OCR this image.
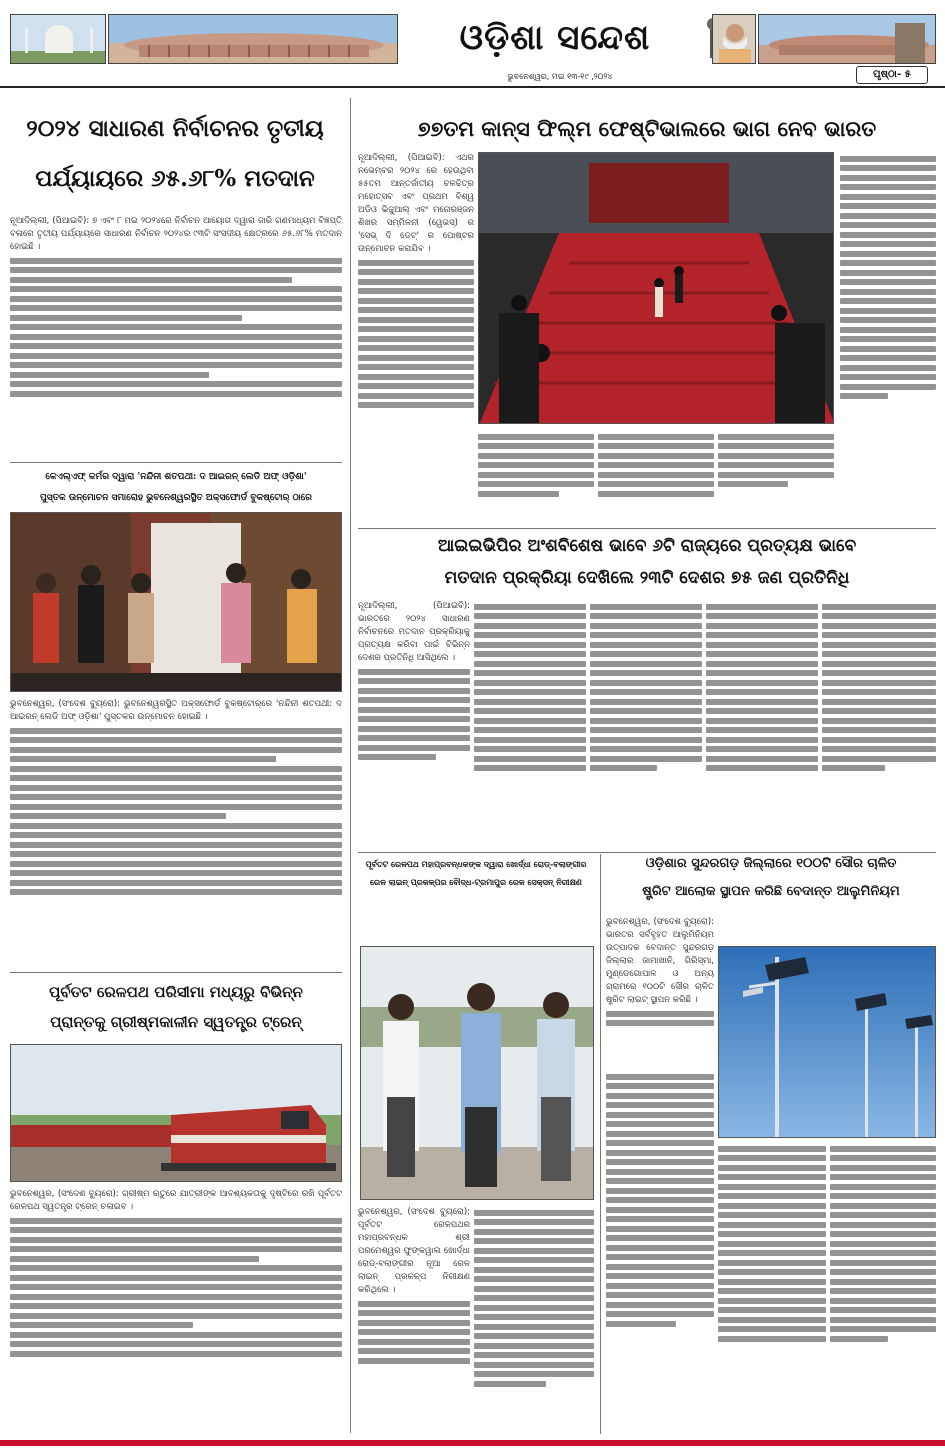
ଓଡ଼ିଶା ସନ୍ଦେଶ
ଭୁବନେଶ୍ୱର, ମଇ ୧୩-୧୯ ,୨୦୨୪	ପୃଷ୍ଠା- ୫
୨୦୨୪ ସାଧାରଣ ନିର୍ବାଚନର ତୃତୀୟ
ପର୍ଯ୍ୟାୟରେ ୬୫.୬୮% ମତଦାନ
ନୂଆଦିଲ୍ଲୀ, (ପିଆଇବି): ୭ ଏବଂ ୮ ମଇ ୨୦୨୪ରେ ନିର୍ବାଚନ ଆୟୋଗ ଦ୍ୱାରା ଜାରି ଗଣମାଧ୍ୟମ ବିଜ୍ଞପ୍ତି ବଳାରେ ତୃତୀୟ ପର୍ଯ୍ୟାୟରେ ସାଧାରଣ ନିର୍ବାଚନ ୨୦୨୪ର ୯୩ଟି ସଂସଦୀୟ କ୍ଷେତ୍ରରେ ୬୫.୬୮% ମତଦାନ ହୋଇଛି ।
କେଏଲ୍‌ଏଫ୍ କର୍ମର ଦ୍ୱାରା 'ନନ୍ଦିନୀ ଶତପଥୀ: ଦ ଆଇରନ୍ ଲେଡି ଅଫ୍ ଓଡ଼ିଶା'
ପୁସ୍ତକ ଉନ୍ମୋଚନ ସମାରୋହ ଭୁବନେଶ୍ୱରସ୍ଥିତ ଅକ୍ସଫୋର୍ଡ ବୁକଷ୍ଟୋର୍ ଠାରେ
ଭୁବନେଶ୍ୱର, (ସଂଦେଶ ବ୍ୟୁରୋ): ଭୁବନେଶ୍ୱରସ୍ଥିତ ଅକ୍ସଫୋର୍ଡ ବୁକଷ୍ଟୋର୍‌ରେ 'ନନ୍ଦିନୀ ଶତପଥୀ: ଦ ଆଇରନ୍ ଲେଡି ଅଫ୍ ଓଡ଼ିଶା' ପୁସ୍ତକର ଉନ୍ମୋଚନ ହୋଇଛି ।
ପୂର୍ବତଟ ରେଳପଥ ପରିସୀମା ମଧ୍ୟରୁ ବିଭିନ୍ନ
ପ୍ରାନ୍ତକୁ ଗ୍ରୀଷ୍ମକାଳୀନ ସ୍ୱତନ୍ତ୍ର ଟ୍ରେନ୍
ଭୁବନେଶ୍ୱର, (ସଂଦେଶ ବ୍ୟୁରୋ): ଗ୍ରୀଷ୍ମ ଋତୁରେ ଯାତ୍ରୀଙ୍କ ଆବଶ୍ୟକତାକୁ ଦୃଷ୍ଟିରେ ରଖି ପୂର୍ବତଟ ରେଳପଥ ସ୍ୱତନ୍ତ୍ର ଟ୍ରେନ୍ ଚଳାଇବ ।
୭୭ତମ କାନ୍ସ ଫିଲ୍ମ ଫେଷ୍ଟିଭାଲରେ ଭାଗ ନେବ ଭାରତ
ନୂଆଦିଲ୍ଲୀ, (ପିଆଇବି): ଏଥର ନଭେମ୍ବର ୨୦୨୪ ରେ ହେଉଥିବା ୫୫ତମ ଆନ୍ତର୍ଜାତୀୟ ଚଳଚ୍ଚିତ୍ର ମହୋତ୍ସବ ଏବଂ ପ୍ରଥମ ବିଶ୍ୱ ଅଡିଓ ଭିଜୁଆଲ୍ ଏବଂ ମନୋରଞ୍ଜନ ଶିଖର ସମ୍ମିଳନୀ (ୱେଭସ୍) ର 'ସେଭ୍ ଦି ଡେଟ୍' ର ପୋଷ୍ଟର ଉନ୍ମୋଚନ କରାଯିବ ।
ଆଇଇଭିପିର ଅଂଶବିଶେଷ ଭାବେ ୬ଟି ରାଜ୍ୟରେ ପ୍ରତ୍ୟକ୍ଷ ଭାବେ
ମତଦାନ ପ୍ରକ୍ରିୟା ଦେଖିଲେ ୨୩ଟି ଦେଶର ୭୫ ଜଣ ପ୍ରତିନିଧି
ନୂଆଦିଲ୍ଲୀ, (ପିଆଇବି): ଭାରତରେ ୨୦୨୪ ସାଧାରଣ ନିର୍ବାଚନରେ ମତଦାନ ପ୍ରକ୍ରିୟାକୁ ପ୍ରତ୍ୟକ୍ଷ କରିବା ପାଇଁ ବିଭିନ୍ନ ଦେଶର ପ୍ରତିନିଧି ଆସିଥିଲେ ।
ପୂର୍ବତଟ ରେଳପଥ ମହାପ୍ରବନ୍ଧକଙ୍କ ଦ୍ୱାରା ଖୋର୍ଦ୍ଧା ରୋଡ୍-ବଲାଙ୍ଗୀର
ରେଳ ଲାଇନ୍ ପ୍ରକଳ୍ପର ବୌଦ୍ଧ-ଟ୍ରମାପୁର ରେଳ ସେକ୍ସନ୍ ନିରୀକ୍ଷଣ
ଭୁବନେଶ୍ୱର, (ସଂଦେଶ ବ୍ୟୁରୋ): ପୂର୍ବତଟ ରେଳପଥର ମହାପ୍ରବନ୍ଧକ ଶ୍ରୀ ପରମେଶ୍ୱର ଫୁଙ୍କୱାଲ ଖୋର୍ଦ୍ଧା ରୋଡ୍-ବଲାଙ୍ଗୀର ନୂଆ ରେଳ ଲାଇନ୍ ପ୍ରକଳ୍ପ ନିରୀକ୍ଷଣ କରିଥିଲେ ।
ଓଡ଼ିଶାର ସୁନ୍ଦରଗଡ଼ ଜିଲ୍ଲାରେ ୧୦୦ଟି ସୌର ଚାଳିତ
ଷ୍ଟ୍ରିଟ ଆଲୋକ ସ୍ଥାପନ କରିଛି ବେଦାନ୍ତ ଆଲୁମିନିୟମ
ଭୁବନେଶ୍ୱର, (ସଂଦେଶ ବ୍ୟୁରୋ): ଭାରତର ସର୍ବବୃହତ ଆଲୁମିନିୟମ ଉତ୍ପାଦକ ବେଦାନ୍ତ ସୁନ୍ଦରଗଡ଼ ଜିଲ୍ଲାର ଜାମାଖାନି, ଗିରିସ୍ମା, ମୁଣ୍ଡେଗୋପାଳ ଓ ଅନ୍ୟ ଗ୍ରାମରେ ୧୦୦ଟି ସୌର ଚାଳିତ ଷ୍ଟ୍ରିଟ ଲାଇଟ୍ ସ୍ଥାପନ କରିଛି ।
